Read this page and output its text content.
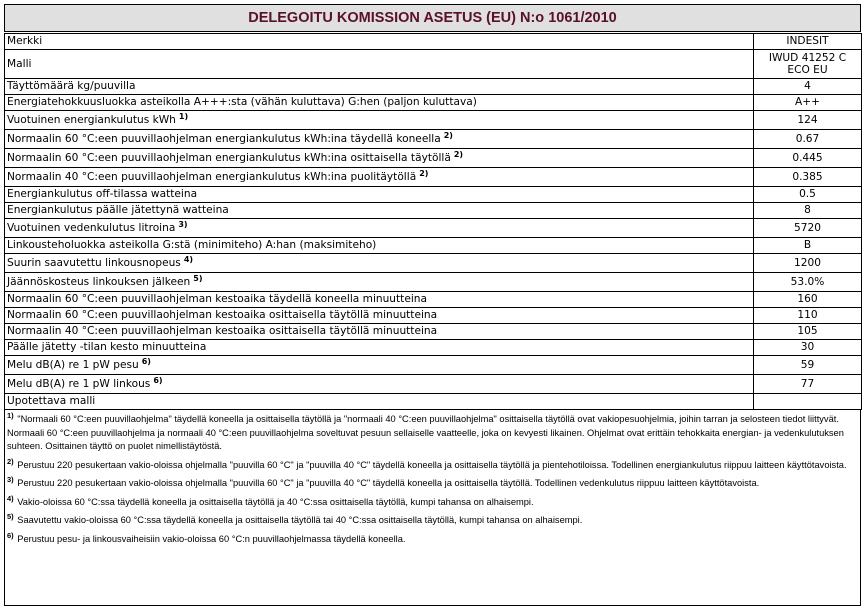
DELEGOITU KOMISSION ASETUS (EU) N:o 1061/2010
Merkki	INDESIT
Malli	IWUD 41252 C ECO EU
Täyttömäärä kg/puuvilla	4
Energiatehokkuusluokka asteikolla A+++:sta (vähän kuluttava) G:hen (paljon kuluttava)	A++
Vuotuinen energiankulutus kWh $^{1)}$	124
Normaalin 60 °C:een puuvillaohjelman energiankulutus kWh:ina täydellä koneella $^{2)}$	0.67
Normaalin 60 °C:een puuvillaohjelman energiankulutus kWh:ina osittaisella täytöllä $^{2)}$	0.445
Normaalin 40 °C:een puuvillaohjelman energiankulutus kWh:ina puolitäytöllä $^{2)}$	0.385
Energiankulutus off-tilassa watteina	0.5
Energiankulutus päälle jätettynä watteina	8
Vuotuinen vedenkulutus litroina $^{3)}$	5720
Linkousteholuokka asteikolla G:stä (minimiteho) A:han (maksimiteho)	B
Suurin saavutettu linkousnopeus $^{4)}$	1200
Jäännöskosteus linkouksen jälkeen $^{5)}$	53.0%
Normaalin 60 °C:een puuvillaohjelman kestoaika täydellä koneella minuutteina	160
Normaalin 60 °C:een puuvillaohjelman kestoaika osittaisella täytöllä minuutteina	110
Normaalin 40 °C:een puuvillaohjelman kestoaika osittaisella täytöllä minuutteina	105
Päälle jätetty -tilan kesto minuutteina	30
Melu dB(A) re 1 pW pesu $^{6)}$	59
Melu dB(A) re 1 pW linkous $^{6)}$	77
Upotettava malli	
$^{1)}$ "Normaali 60 °C:een puuvillaohjelma" täydellä koneella ja osittaisella täytöllä ja "normaali 40 °C:een puuvillaohjelma" osittaisella täytöllä ovat vakiopesuohjelmia, joihin tarran ja selosteen tiedot liittyvät. Normaali 60 °C:een puuvillaohjelma ja normaali 40 °C:een puuvillaohjelma soveltuvat pesuun sellaiselle vaatteelle, joka on kevyesti likainen. Ohjelmat ovat erittäin tehokkaita energian- ja vedenkulutuksen suhteen. Osittainen täyttö on puolet nimellistäytöstä.
$^{2)}$ Perustuu 220 pesukertaan vakio-oloissa ohjelmalla "puuvilla 60 °C" ja "puuvilla 40 °C" täydellä koneella ja osittaisella täytöllä ja pientehotiloissa. Todellinen energiankulutus riippuu laitteen käyttötavoista.
$^{3)}$ Perustuu 220 pesukertaan vakio-oloissa ohjelmalla "puuvilla 60 °C" ja "puuvilla 40 °C" täydellä koneella ja osittaisella täytöllä. Todellinen vedenkulutus riippuu laitteen käyttötavoista.
$^{4)}$ Vakio-oloissa 60 °C:ssa täydellä koneella ja osittaisella täytöllä ja 40 °C:ssa osittaisella täytöllä, kumpi tahansa on alhaisempi.
$^{5)}$ Saavutettu vakio-oloissa 60 °C:ssa täydellä koneella ja osittaisella täytöllä tai 40 °C:ssa osittaisella täytöllä, kumpi tahansa on alhaisempi.
$^{6)}$ Perustuu pesu- ja linkousvaiheisiin vakio-oloissa 60 °C:n puuvillaohjelmassa täydellä koneella.
